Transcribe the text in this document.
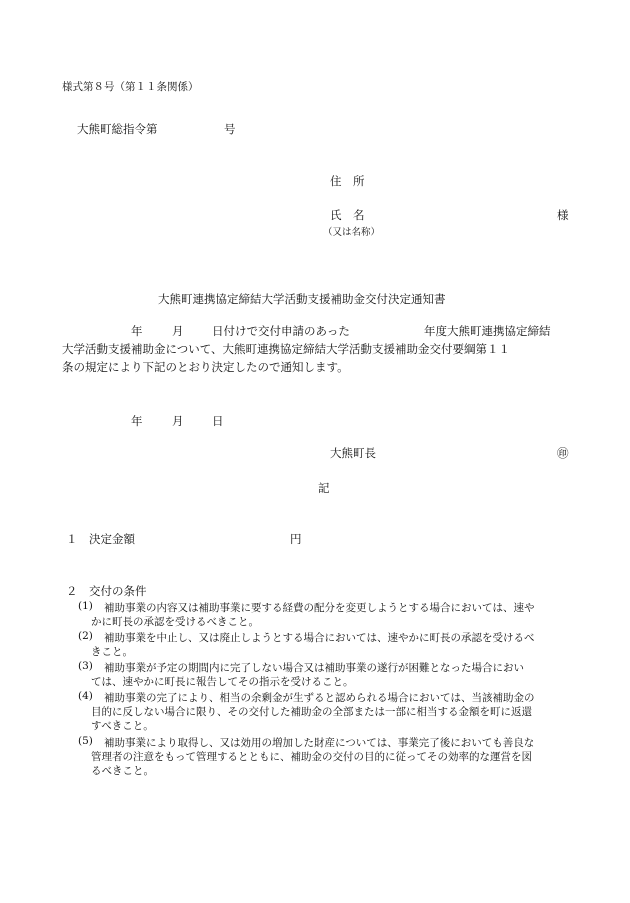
様式第８号（第１１条関係）
大熊町総指令第	号
住　所
氏　名	様
（又は名称）
大熊町連携協定締結大学活動支援補助金交付決定通知書
年	月 日付けで交付申請のあった	年度大熊町連携協定締結
大学活動支援補助金について、大熊町連携協定締結大学活動支援補助金交付要綱第１１
条の規定により下記のとおり決定したので通知します。
年	月 日
大熊町長	㊞
記
１　決定金額	円
２　交付の条件
(1) 補助事業の内容又は補助事業に要する経費の配分を変更しようとする場合においては、速や
かに町長の承認を受けるべきこと。
(2) 補助事業を中止し、又は廃止しようとする場合においては、速やかに町長の承認を受けるべ
きこと。
(3) 補助事業が予定の期間内に完了しない場合又は補助事業の遂行が困難となった場合におい
ては、速やかに町長に報告してその指示を受けること。
(4) 補助事業の完了により、相当の余剰金が生ずると認められる場合においては、当該補助金の
目的に反しない場合に限り、その交付した補助金の全部または一部に相当する金額を町に返還
すべきこと。
(5) 補助事業により取得し、又は効用の増加した財産については、事業完了後においても善良な
管理者の注意をもって管理するとともに、補助金の交付の目的に従ってその効率的な運営を図
るべきこと。
